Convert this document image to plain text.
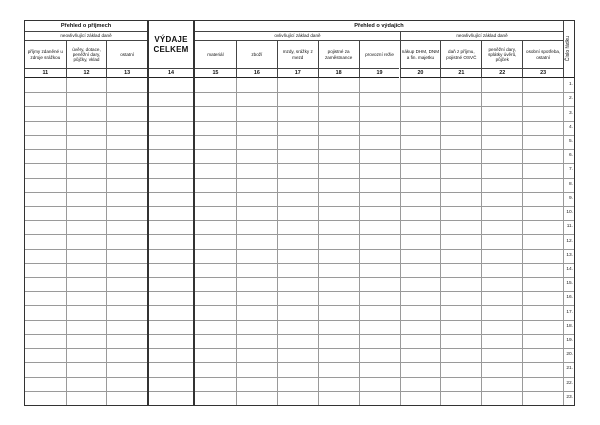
Přehled o příjmech
neovlivňující základ daně
příjmy zdaněné u zdroje srážkou
11
úvěry, dotace, peněžní dary, půjčky, vklad
12
ostatní
13
VÝDAJE
CELKEM
14
Přehled o výdajích
ovlivňující základ daně	neovlivňující základ daně
Číslo řádku
materiál
15
zboží
16
mzdy, srážky z mezd
17
pojistné za zaměstnance
18
provozní režie
19
nákup DHM, DNM a fin. majetku
20
daň z příjmu, pojistné OSVČ
21
peněžní dary, splátky úvěrů, půjček
22
osobní spotřeba, ostatní
23
1.
2.
3.
4.
5.
6.
7.
8.
9.
10.
11.
12.
13.
14.
15.
16.
17.
18.
19.
20.
21.
22.
23.
